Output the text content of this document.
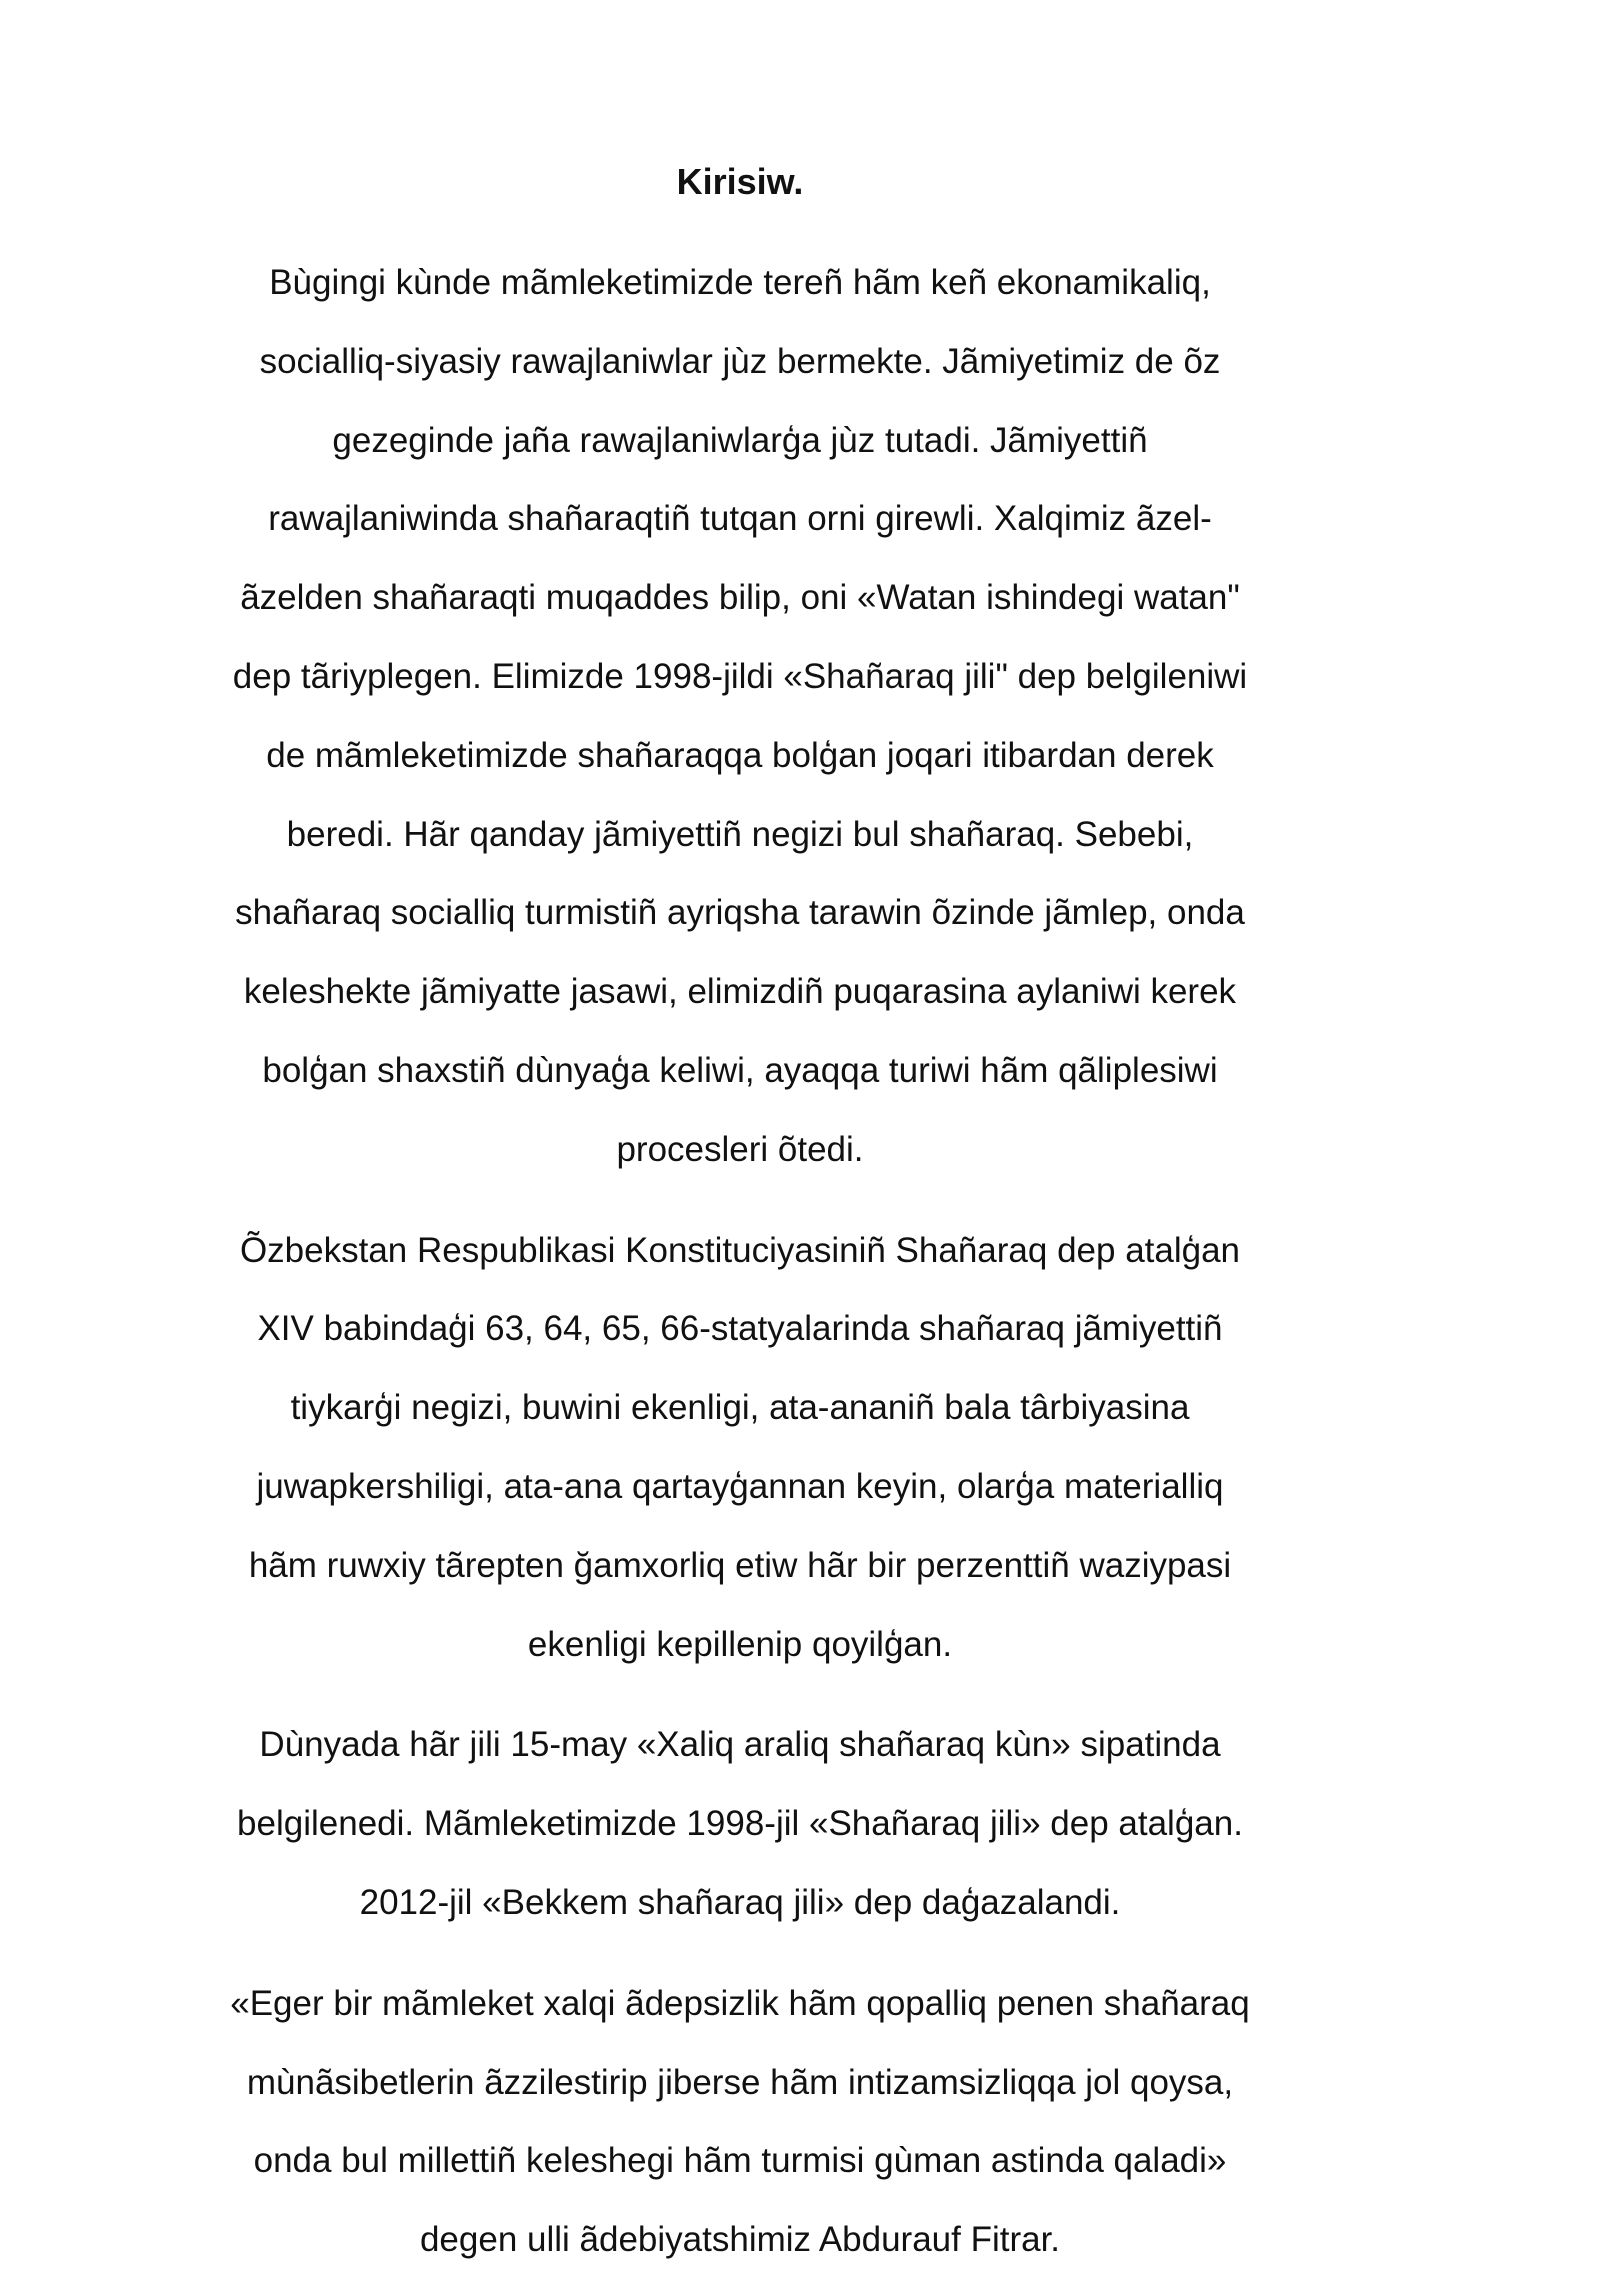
Kirisiw.

Bùgingi kùnde mãmleketimizde tereñ hãm keñ ekonamikaliq, socialliq-siyasiy rawajlaniwlar jùz bermekte. Jãmiyetimiz de õz gezeginde jaña rawajlaniwlarģa jùz tutadi. Jãmiyettiñ rawajlaniwinda shañaraqtiñ tutqan orni girewli. Xalqimiz ãzel-ãzelden shañaraqti muqaddes bilip, oni «Watan ishindegi watan" dep tãriyplegen. Elimizde 1998-jildi «Shañaraq jili" dep belgileniwi de mãmleketimizde shañaraqqa bolģan joqari itibardan derek beredi. Hãr qanday jãmiyettiñ negizi bul shañaraq. Sebebi, shañaraq socialliq turmistiñ ayriqsha tarawin õzinde jãmlep, onda keleshekte jãmiyatte jasawi, elimizdiñ puqarasina aylaniwi kerek bolģan shaxstiñ dùnyaģa keliwi, ayaqqa turiwi hãm qãliplesiwi procesleri õtedi.

Õzbekstan Respublikasi Konstituciyasiniñ Shañaraq dep atalģan XIV babindaģi 63, 64, 65, 66-statyalarinda shañaraq jãmiyettiñ tiykarģi negizi, buwini ekenligi, ata-ananiñ bala târbiyasina juwapkershiligi, ata-ana qartayģannan keyin, olarģa materialliq hãm ruwxiy tãrepten ğamxorliq etiw hãr bir perzenttiñ waziypasi ekenligi kepillenip qoyilģan.

Dùnyada hãr jili 15-may «Xaliq araliq shañaraq kùn» sipatinda belgilenedi. Mãmleketimizde 1998-jil «Shañaraq jili» dep atalģan. 2012-jil «Bekkem shañaraq jili» dep daģazalandi.

«Eger bir mãmleket xalqi ãdepsizlik hãm qopalliq penen shañaraq mùnãsibetlerin ãzzilestirip jiberse hãm intizamsizliqqa jol qoysa, onda bul millettiñ keleshegi hãm turmisi gùman astinda qaladi» degen ulli ãdebiyatshimiz Abdurauf Fitrar.
